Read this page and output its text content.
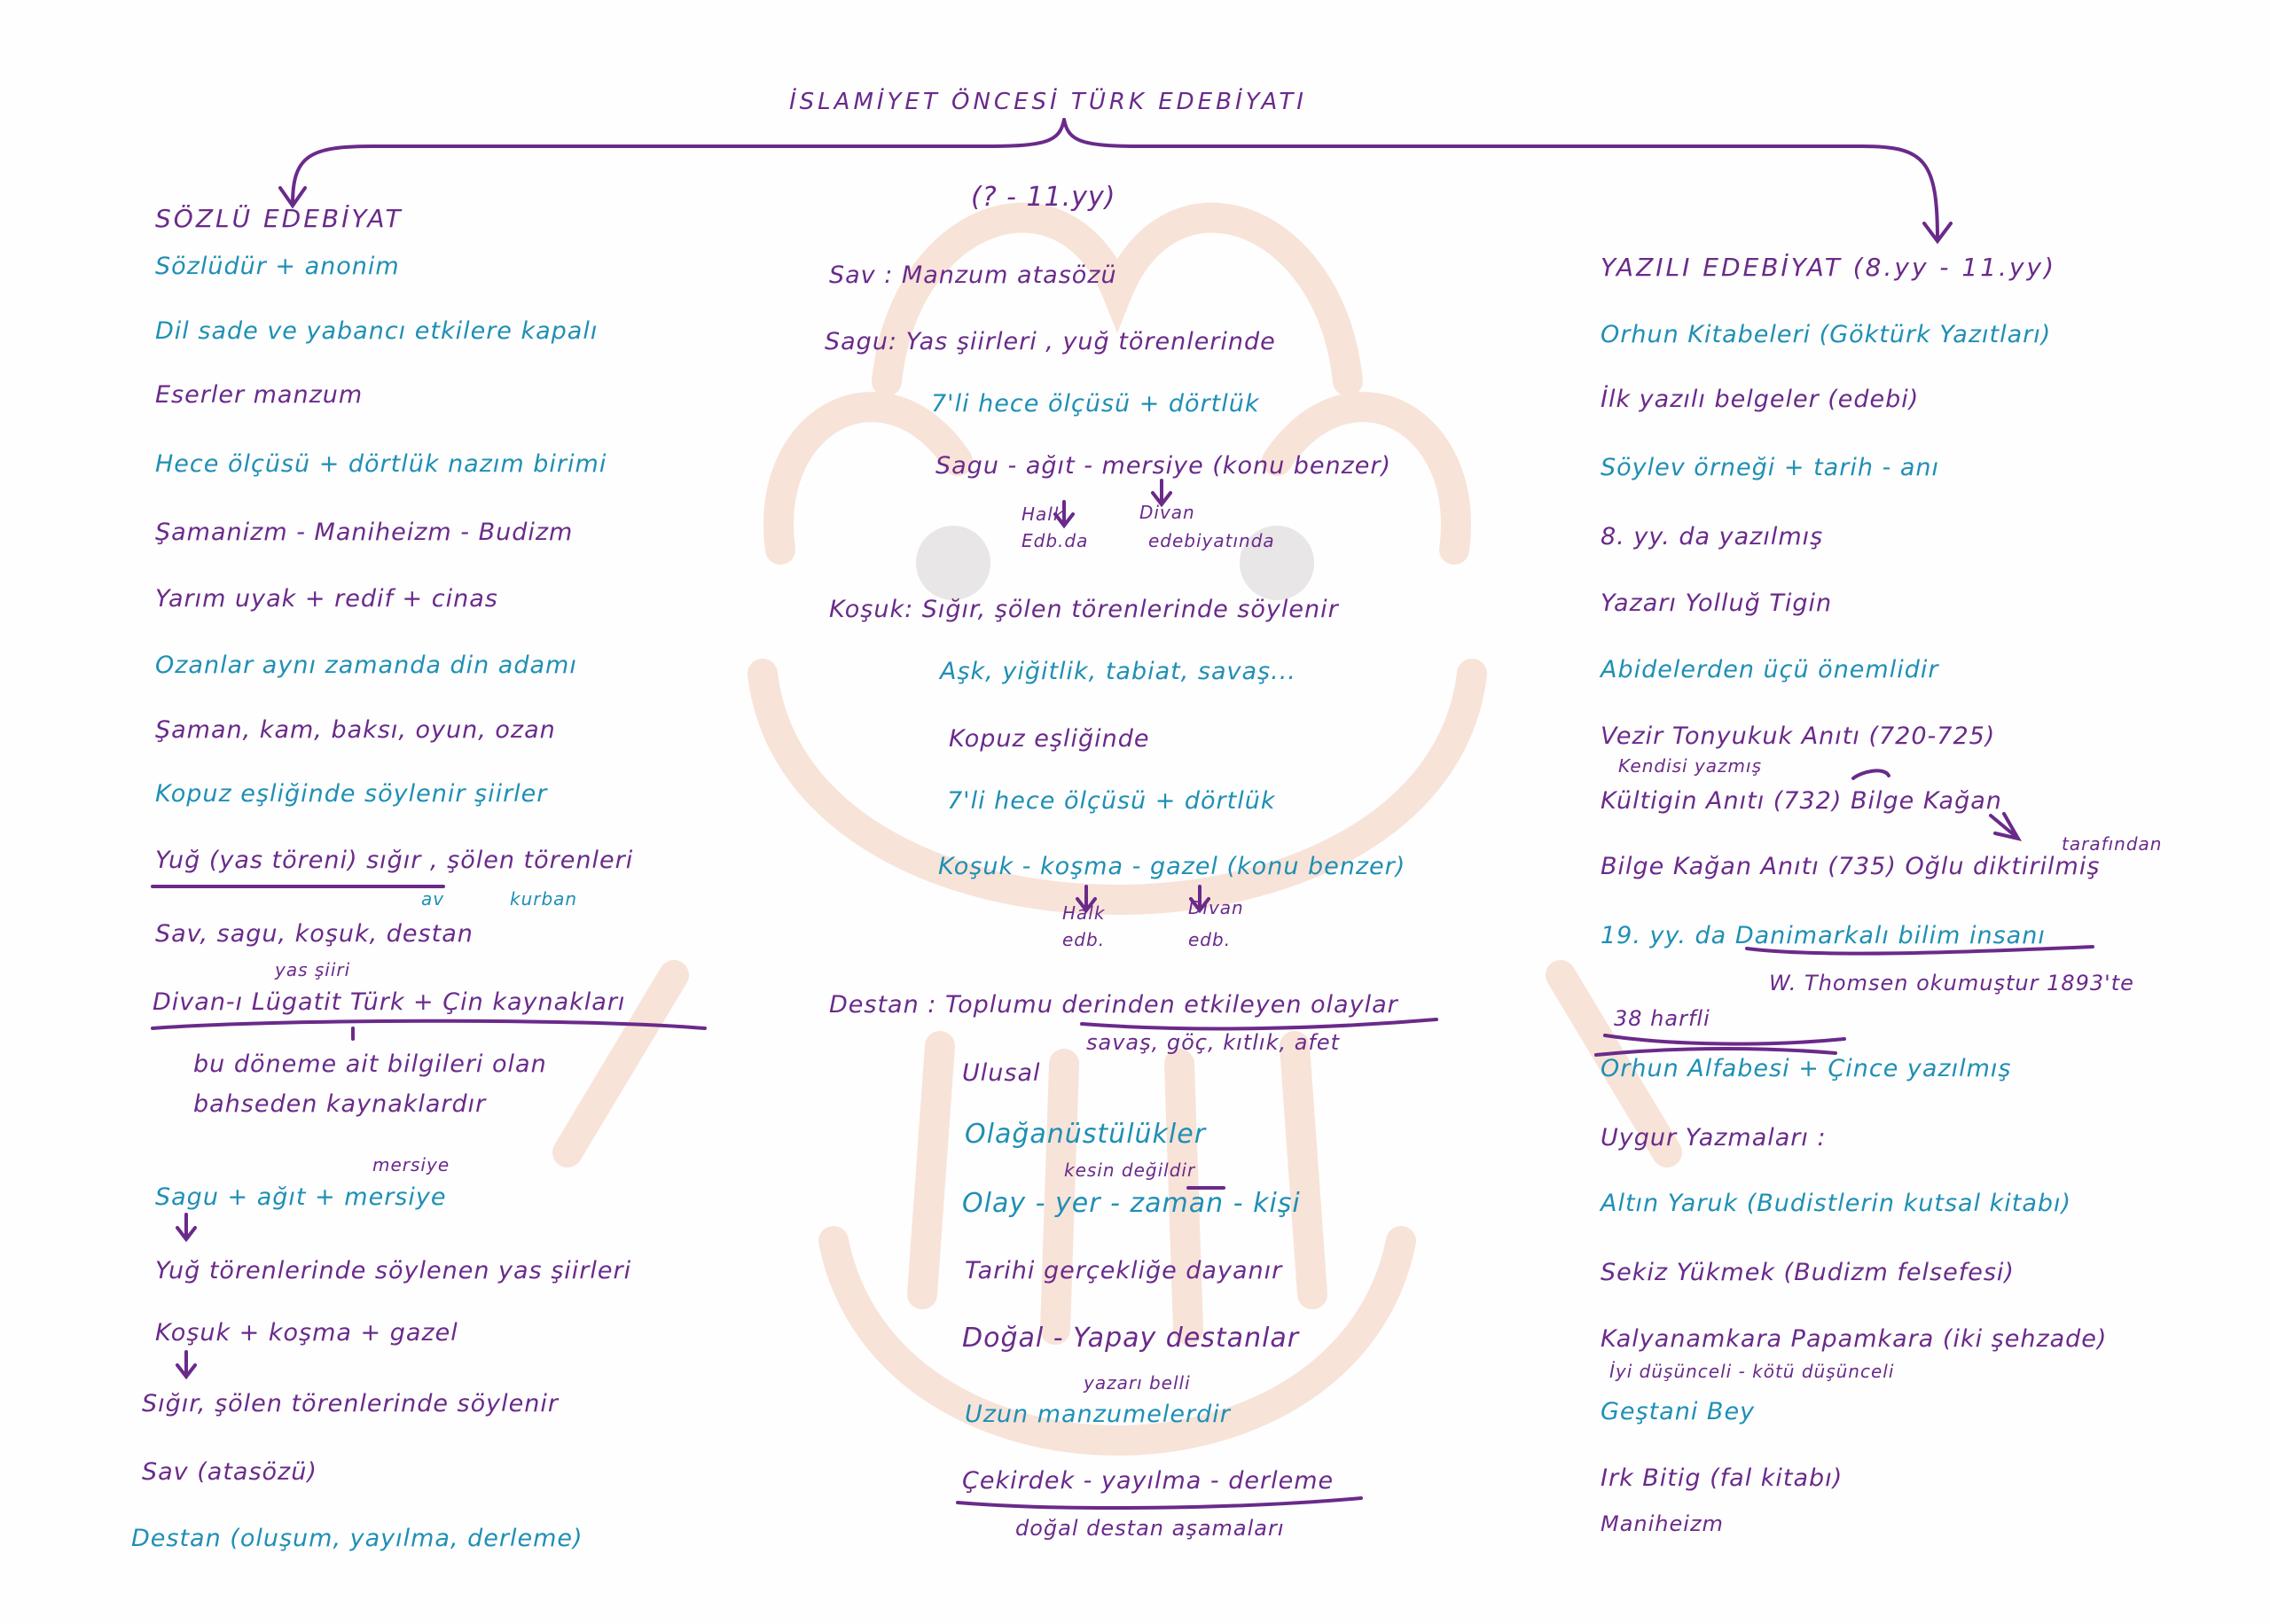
İSLAMİYET ÖNCESİ TÜRK EDEBİYATI
(? - 11.yy)
SÖZLÜ EDEBİYAT
Sözlüdür + anonim
Dil sade ve yabancı etkilere kapalı
Eserler manzum
Hece ölçüsü + dörtlük nazım birimi
Şamanizm - Maniheizm - Budizm
Yarım uyak + redif + cinas
Ozanlar aynı zamanda din adamı
Şaman, kam, baksı, oyun, ozan
Kopuz eşliğinde söylenir şiirler
Yuğ (yas töreni) sığır , şölen törenleri
av	kurban
Sav, sagu, koşuk, destan
yas şiiri
Divan-ı Lügatit Türk + Çin kaynakları
bu döneme ait bilgileri olan
bahseden kaynaklardır
mersiye
Sagu + ağıt + mersiye
Yuğ törenlerinde söylenen yas şiirleri
Koşuk + koşma + gazel
Sığır, şölen törenlerinde söylenir
Sav (atasözü)
Destan (oluşum, yayılma, derleme)
Sav : Manzum atasözü
Sagu: Yas şiirleri , yuğ törenlerinde
7'li hece ölçüsü + dörtlük
Sagu - ağıt - mersiye (konu benzer)
Halk	Divan
Edb.da	edebiyatında
Koşuk: Sığır, şölen törenlerinde söylenir
Aşk, yiğitlik, tabiat, savaş...
Kopuz eşliğinde
7'li hece ölçüsü + dörtlük
Koşuk - koşma - gazel (konu benzer)
Halk	Divan
edb.	edb.
Destan : Toplumu derinden etkileyen olaylar
savaş, göç, kıtlık, afet
Ulusal
Olağanüstülükler
kesin değildir
Olay - yer - zaman - kişi
Tarihi gerçekliğe dayanır
Doğal - Yapay destanlar
yazarı belli
Uzun manzumelerdir
Çekirdek - yayılma - derleme
doğal destan aşamaları
YAZILI EDEBİYAT (8.yy - 11.yy)
Orhun Kitabeleri (Göktürk Yazıtları)
İlk yazılı belgeler (edebi)
Söylev örneği + tarih - anı
8. yy. da yazılmış
Yazarı Yolluğ Tigin
Abidelerden üçü önemlidir
Vezir Tonyukuk Anıtı (720-725)
Kendisi yazmış
Kültigin Anıtı (732) Bilge Kağan
tarafından
Bilge Kağan Anıtı (735) Oğlu diktirilmiş
19. yy. da Danimarkalı bilim insanı
W. Thomsen okumuştur 1893'te
38 harfli
Orhun Alfabesi + Çince yazılmış
Uygur Yazmaları :
Altın Yaruk (Budistlerin kutsal kitabı)
Sekiz Yükmek (Budizm felsefesi)
Kalyanamkara Papamkara (iki şehzade)
İyi düşünceli - kötü düşünceli
Geştani Bey
Irk Bitig (fal kitabı)
Maniheizm
